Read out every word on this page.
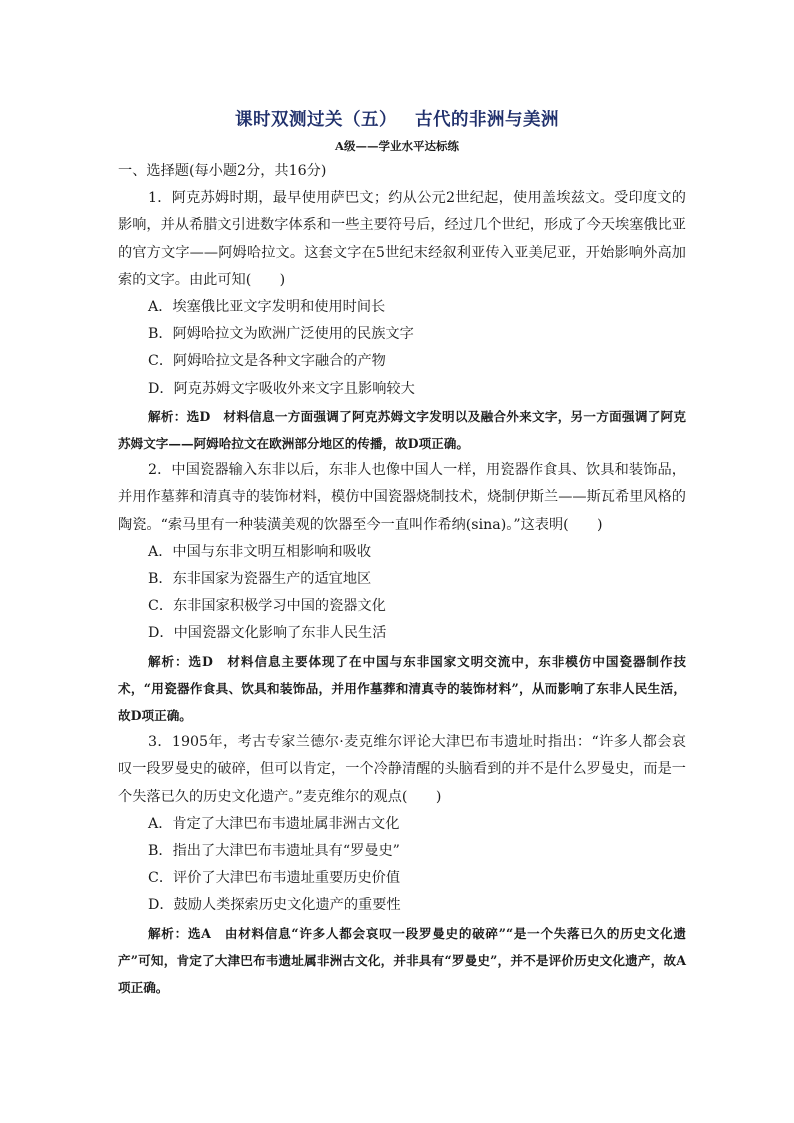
课时双测过关（五） 古代的非洲与美洲
A级——学业水平达标练

一、选择题(每小题2分，共16分)

1．阿克苏姆时期，最早使用萨巴文；约从公元2世纪起，使用盖埃兹文。受印度文的影响，并从希腊文引进数字体系和一些主要符号后，经过几个世纪，形成了今天埃塞俄比亚的官方文字——阿姆哈拉文。这套文字在5世纪末经叙利亚传入亚美尼亚，开始影响外高加索的文字。由此可知(　　)

A．埃塞俄比亚文字发明和使用时间长

B．阿姆哈拉文为欧洲广泛使用的民族文字

C．阿姆哈拉文是各种文字融合的产物

D．阿克苏姆文字吸收外来文字且影响较大

解析：选D　材料信息一方面强调了阿克苏姆文字发明以及融合外来文字，另一方面强调了阿克苏姆文字——阿姆哈拉文在欧洲部分地区的传播，故D项正确。

2．中国瓷器输入东非以后，东非人也像中国人一样，用瓷器作食具、饮具和装饰品，并用作墓葬和清真寺的装饰材料，模仿中国瓷器烧制技术，烧制伊斯兰——斯瓦希里风格的陶瓷。“索马里有一种装潢美观的饮器至今一直叫作希纳(sina)。”这表明(　　)

A．中国与东非文明互相影响和吸收

B．东非国家为瓷器生产的适宜地区

C．东非国家积极学习中国的瓷器文化

D．中国瓷器文化影响了东非人民生活

解析：选D　材料信息主要体现了在中国与东非国家文明交流中，东非模仿中国瓷器制作技术，“用瓷器作食具、饮具和装饰品，并用作墓葬和清真寺的装饰材料”，从而影响了东非人民生活，故D项正确。

3．1905年，考古专家兰德尔·麦克维尔评论大津巴布韦遗址时指出：“许多人都会哀叹一段罗曼史的破碎，但可以肯定，一个冷静清醒的头脑看到的并不是什么罗曼史，而是一个失落已久的历史文化遗产。”麦克维尔的观点(　　)

A．肯定了大津巴布韦遗址属非洲古文化

B．指出了大津巴布韦遗址具有“罗曼史”

C．评价了大津巴布韦遗址重要历史价值

D．鼓励人类探索历史文化遗产的重要性

解析：选A　由材料信息“许多人都会哀叹一段罗曼史的破碎”“是一个失落已久的历史文化遗产”可知，肯定了大津巴布韦遗址属非洲古文化，并非具有“罗曼史”，并不是评价历史文化遗产，故A项正确。
